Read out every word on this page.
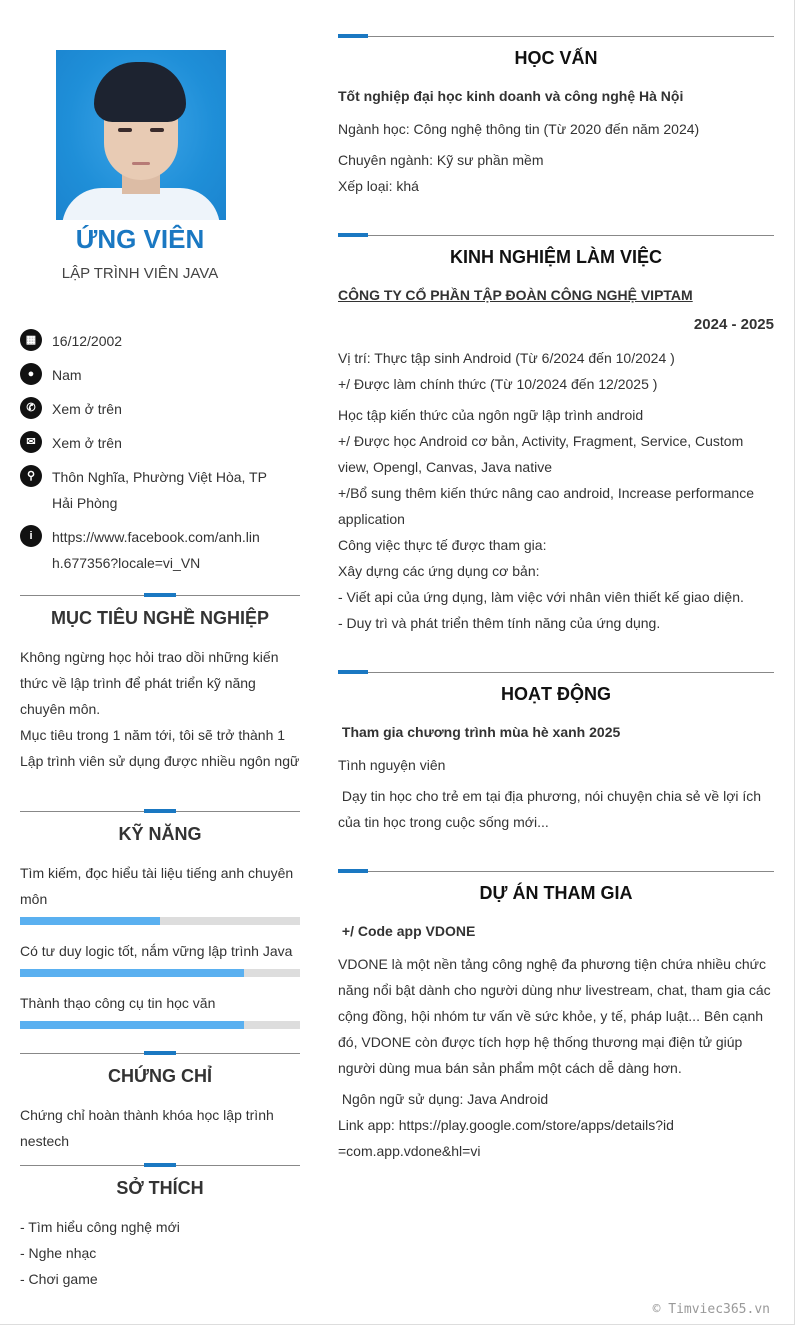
ỨNG VIÊN
LẬP TRÌNH VIÊN JAVA
▦	16/12/2002
●	Nam
✆	Xem ở trên
✉	Xem ở trên
⚲	Thôn Nghĩa, Phường Việt Hòa, TP Hải Phòng
i	https://www.facebook.com/anh.linh.677356?locale=vi_VN
MỤC TIÊU NGHỀ NGHIỆP
Không ngừng học hỏi trao dồi những kiến thức về lập trình để phát triển kỹ năng chuyên môn.
Mục tiêu trong 1 năm tới, tôi sẽ trở thành 1 Lập trình viên sử dụng được nhiều ngôn ngữ
KỸ NĂNG
Tìm kiếm, đọc hiểu tài liệu tiếng anh chuyên môn
Có tư duy logic tốt, nắm vững lập trình Java
Thành thạo công cụ tin học văn
CHỨNG CHỈ
Chứng chỉ hoàn thành khóa học lập trình nestech
SỞ THÍCH
- Tìm hiểu công nghệ mới
- Nghe nhạc
- Chơi game
HỌC VẤN
Tốt nghiệp đại học kinh doanh và công nghệ Hà Nội
Ngành học: Công nghệ thông tin (Từ 2020 đến năm 2024)
Chuyên ngành: Kỹ sư phần mềm
Xếp loại: khá
KINH NGHIỆM LÀM VIỆC
CÔNG TY CỔ PHẦN TẬP ĐOÀN CÔNG NGHỆ VIPTAM
2024 - 2025
Vị trí: Thực tập sinh Android (Từ 6/2024 đến 10/2024 )
+/ Được làm chính thức (Từ 10/2024 đến 12/2025 )
Học tập kiến thức của ngôn ngữ lập trình android
+/ Được học Android cơ bản, Activity, Fragment, Service, Custom view, Opengl, Canvas, Java native
+/Bổ sung thêm kiến thức nâng cao android, Increase performance application
Công việc thực tế được tham gia:
Xây dựng các ứng dụng cơ bản:
- Viết api của ứng dụng, làm việc với nhân viên thiết kế giao diện.
- Duy trì và phát triển thêm tính năng của ứng dụng.
HOẠT ĐỘNG
Tham gia chương trình mùa hè xanh 2025
Tình nguyện viên
Dạy tin học cho trẻ em tại địa phương, nói chuyện chia sẻ về lợi ích của tin học trong cuộc sống mới...
DỰ ÁN THAM GIA
+/ Code app VDONE
VDONE là một nền tảng công nghệ đa phương tiện chứa nhiều chức năng nổi bật dành cho người dùng như livestream, chat, tham gia các cộng đồng, hội nhóm tư vấn về sức khỏe, y tế, pháp luật... Bên cạnh đó, VDONE còn được tích hợp hệ thống thương mại điện tử giúp người dùng mua bán sản phẩm một cách dễ dàng hơn.
Ngôn ngữ sử dụng: Java Android
Link app: https://play.google.com/store/apps/details?id=com.app.vdone&hl=vi
© Timviec365.vn
